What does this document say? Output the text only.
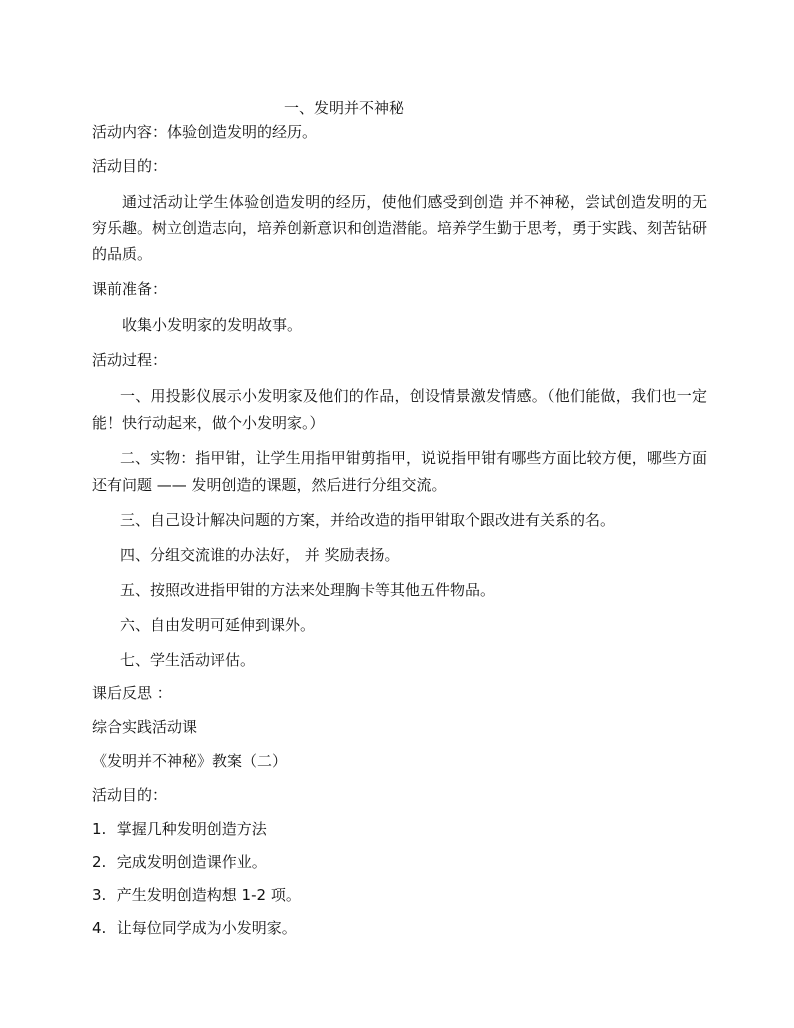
一、发明并不神秘
活动内容：体验创造发明的经历。
活动目的：
通过活动让学生体验创造发明的经历，使他们感受到创造 并不神秘，尝试创造发明的无穷乐趣。树立创造志向，培养创新意识和创造潜能。培养学生勤于思考，勇于实践、刻苦钻研的品质。
课前准备：
收集小发明家的发明故事。
活动过程：
一、用投影仪展示小发明家及他们的作品，创设情景激发情感。（他们能做，我们也一定能！快行动起来，做个小发明家。）
二、实物：指甲钳，让学生用指甲钳剪指甲，说说指甲钳有哪些方面比较方便，哪些方面还有问题 —— 发明创造的课题，然后进行分组交流。
三、自己设计解决问题的方案，并给改造的指甲钳取个跟改进有关系的名。
四、分组交流谁的办法好， 并 奖励表扬。
五、按照改进指甲钳的方法来处理胸卡等其他五件物品。
六、自由发明可延伸到课外。
七、学生活动评估。
课后反思 ：
综合实践活动课
《发明并不神秘》教案（二）
活动目的：
1. 掌握几种发明创造方法
2. 完成发明创造课作业。
3. 产生发明创造构想 1-2 项。
4. 让每位同学成为小发明家。
